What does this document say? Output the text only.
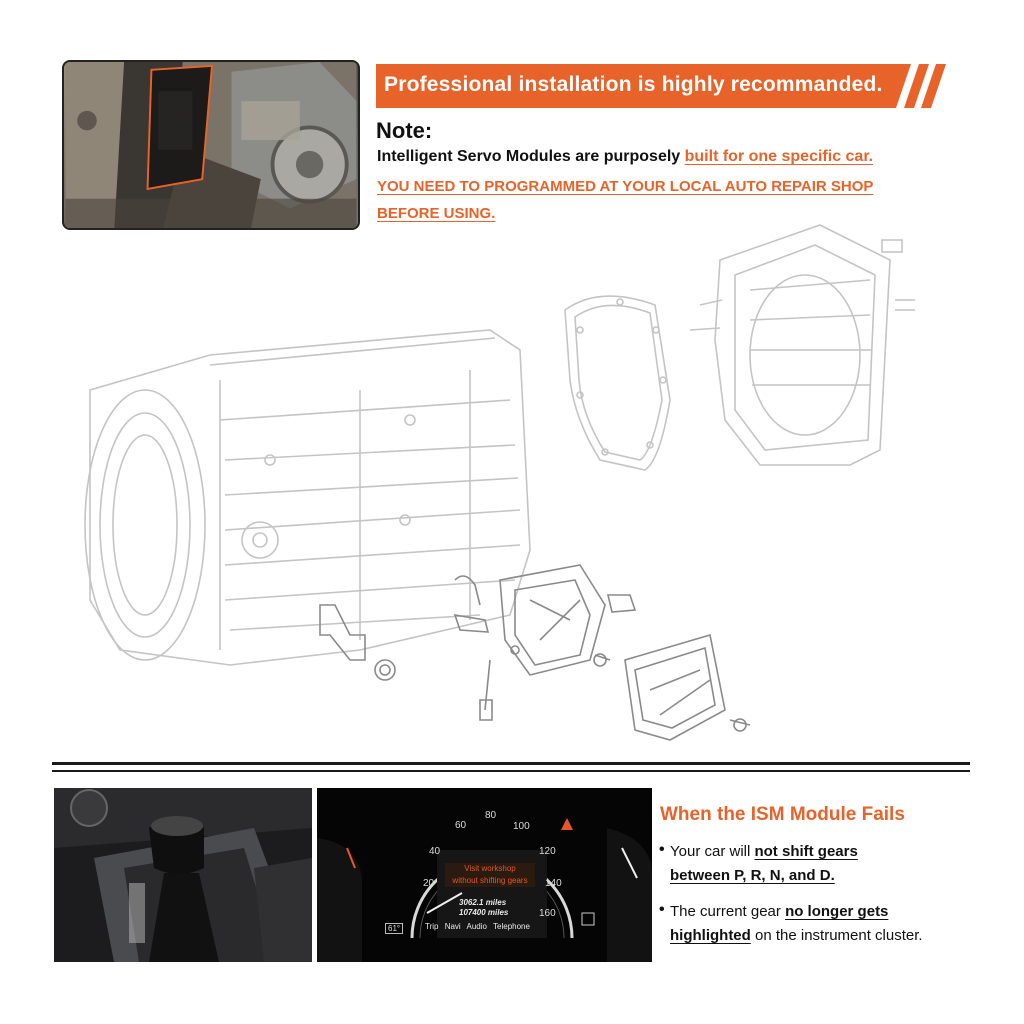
Professional installation is highly recommanded.
Note:
Intelligent Servo Modules are purposely built for one specific car.
YOU NEED TO PROGRAMMED AT YOUR LOCAL AUTO REPAIR SHOP
BEFORE USING.
20
40
60
80
100
120
140
160
Visit workshop
without shifting gears
3062.1 miles
107400 miles
61°	Trip Navi Audio Telephone
When the ISM Module Fails
• Your car will not shift gears
between P, R, N, and D.
• The current gear no longer gets
highlighted on the instrument cluster.
